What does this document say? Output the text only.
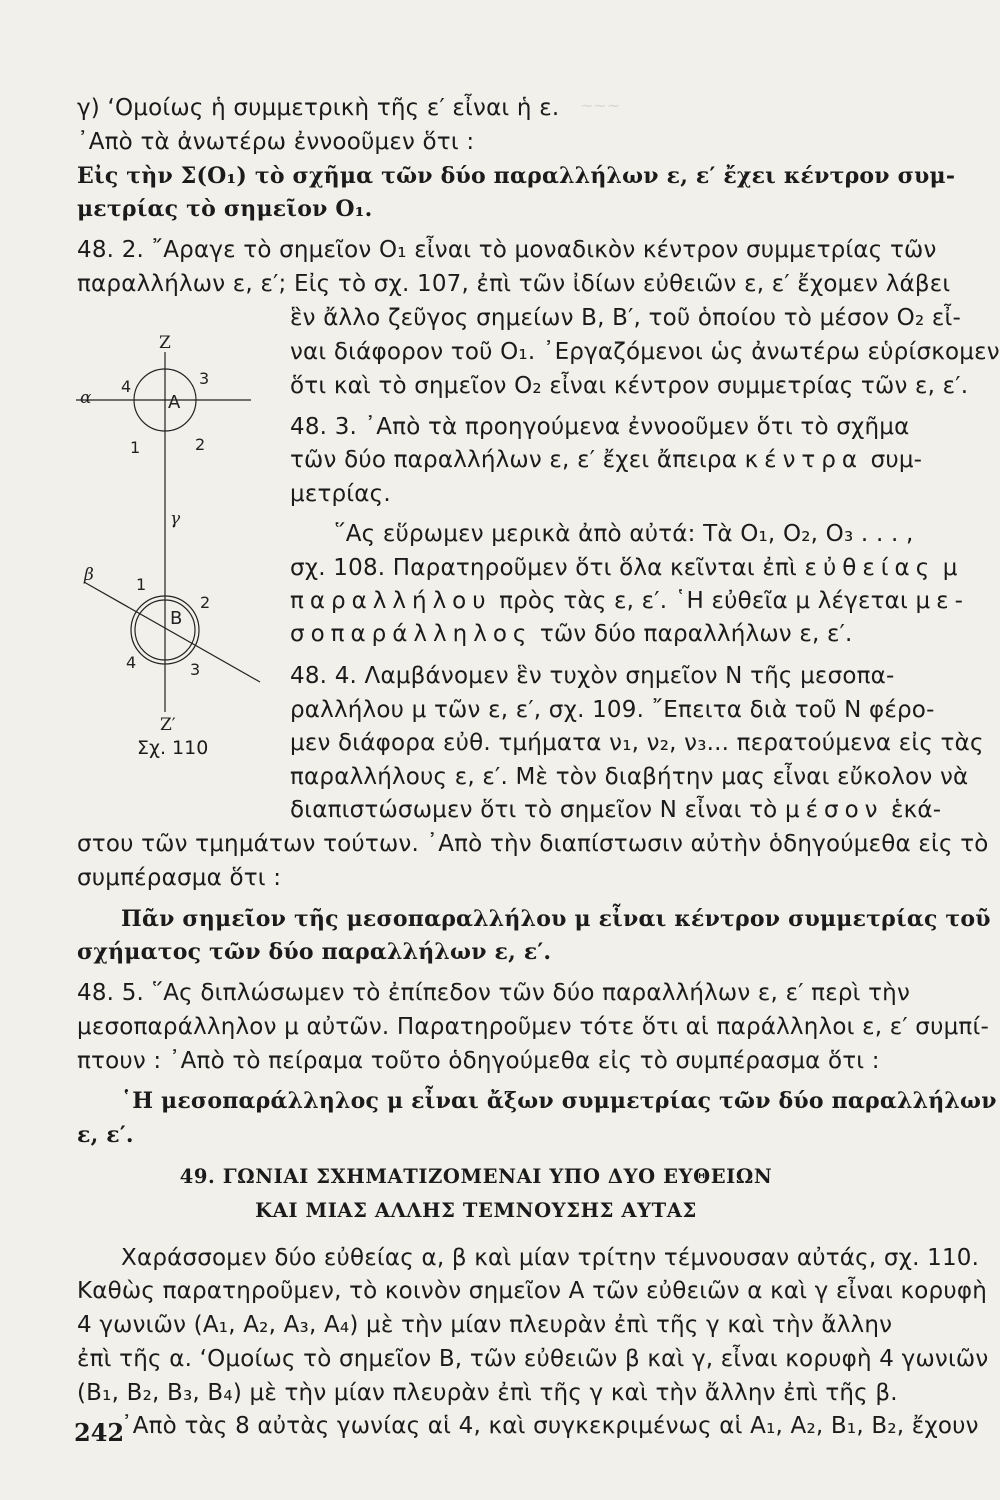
~~~
γ) ‘Ομοίως ἡ συμμετρικὴ τῆς ε′ εἶναι ἡ ε.
᾿Απὸ τὰ ἀνωτέρω ἐννοοῦμεν ὅτι :
Εἰς τὴν Σ(O₁) τὸ σχῆμα τῶν δύο παραλλήλων ε, ε′ ἔχει κέντρον συμ-
μετρίας τὸ σημεῖον O₁.
48. 2. ῎Αραγε τὸ σημεῖον O₁ εἶναι τὸ μοναδικὸν κέντρον συμμετρίας τῶν
παραλλήλων ε, ε′; Εἰς τὸ σχ. 107, ἐπὶ τῶν ἰδίων εὐθειῶν ε, ε′ ἔχομεν λάβει
ἓν ἄλλο ζεῦγος σημείων B, B′, τοῦ ὁποίου τὸ μέσον O₂ εἶ-
ναι διάφορον τοῦ O₁. ᾿Εργαζόμενοι ὡς ἀνωτέρω εὑρίσκομεν
ὅτι καὶ τὸ σημεῖον O₂ εἶναι κέντρον συμμετρίας τῶν ε, ε′.
48. 3. ᾿Απὸ τὰ προηγούμενα ἐννοοῦμεν ὅτι τὸ σχῆμα
τῶν δύο παραλλήλων ε, ε′ ἔχει ἄπειρα κέντρα συμ-
μετρίας.
῞Ας εὕρωμεν μερικὰ ἀπὸ αὐτά: Τὰ O₁, O₂, O₃ . . . ,
σχ. 108. Παρατηροῦμεν ὅτι ὅλα κεῖνται ἐπὶ εὐθείας μ
παραλλήλου πρὸς τὰς ε, ε′. ῾Η εὐθεῖα μ λέγεται με-
σοπαράλληλος τῶν δύο παραλλήλων ε, ε′.
48. 4. Λαμβάνομεν ἓν τυχὸν σημεῖον N τῆς μεσοπα-
ραλλήλου μ τῶν ε, ε′, σχ. 109. ῎Επειτα διὰ τοῦ N φέρο-
μεν διάφορα εὐθ. τμήματα ν₁, ν₂, ν₃... περατούμενα εἰς τὰς
παραλλήλους ε, ε′. Μὲ τὸν διαβήτην μας εἶναι εὔκολον νὰ
διαπιστώσωμεν ὅτι τὸ σημεῖον N εἶναι τὸ μέσον ἑκά-
στου τῶν τμημάτων τούτων. ᾿Απὸ τὴν διαπίστωσιν αὐτὴν ὁδηγούμεθα εἰς τὸ
συμπέρασμα ὅτι :
Πᾶν σημεῖον τῆς μεσοπαραλλήλου μ εἶναι κέντρον συμμετρίας τοῦ
σχήματος τῶν δύο παραλλήλων ε, ε′.
48. 5. ῞Ας διπλώσωμεν τὸ ἐπίπεδον τῶν δύο παραλλήλων ε, ε′ περὶ τὴν
μεσοπαράλληλον μ αὐτῶν. Παρατηροῦμεν τότε ὅτι αἱ παράλληλοι ε, ε′ συμπί-
πτουν : ᾿Απὸ τὸ πείραμα τοῦτο ὁδηγούμεθα εἰς τὸ συμπέρασμα ὅτι :
῾Η μεσοπαράλληλος μ εἶναι ἄξων συμμετρίας τῶν δύο παραλλήλων
ε, ε′.
49. ΓΩΝΙΑΙ ΣΧΗΜΑΤΙΖΟΜΕΝΑΙ ΥΠΟ ΔΥΟ ΕΥΘΕΙΩΝ
ΚΑΙ ΜΙΑΣ ΑΛΛΗΣ ΤΕΜΝΟΥΣΗΣ ΑΥΤΑΣ
Χαράσσομεν δύο εὐθείας α, β καὶ μίαν τρίτην τέμνουσαν αὐτάς, σχ. 110.
Καθὼς παρατηροῦμεν, τὸ κοινὸν σημεῖον A τῶν εὐθειῶν α καὶ γ εἶναι κορυφὴ
4 γωνιῶν (A₁, A₂, A₃, A₄) μὲ τὴν μίαν πλευρὰν ἐπὶ τῆς γ καὶ τὴν ἄλλην
ἐπὶ τῆς α. ‘Ομοίως τὸ σημεῖον B, τῶν εὐθειῶν β καὶ γ, εἶναι κορυφὴ 4 γωνιῶν
(B₁, B₂, B₃, B₄) μὲ τὴν μίαν πλευρὰν ἐπὶ τῆς γ καὶ τὴν ἄλλην ἐπὶ τῆς β.
᾿Απὸ τὰς 8 αὐτὰς γωνίας αἱ 4, καὶ συγκεκριμένως αἱ A₁, A₂, B₁, B₂, ἔχουν
Z
α	A
4	3
1	2
γ
β	1
2
B
4	3
Z′
Σχ. 110
242
